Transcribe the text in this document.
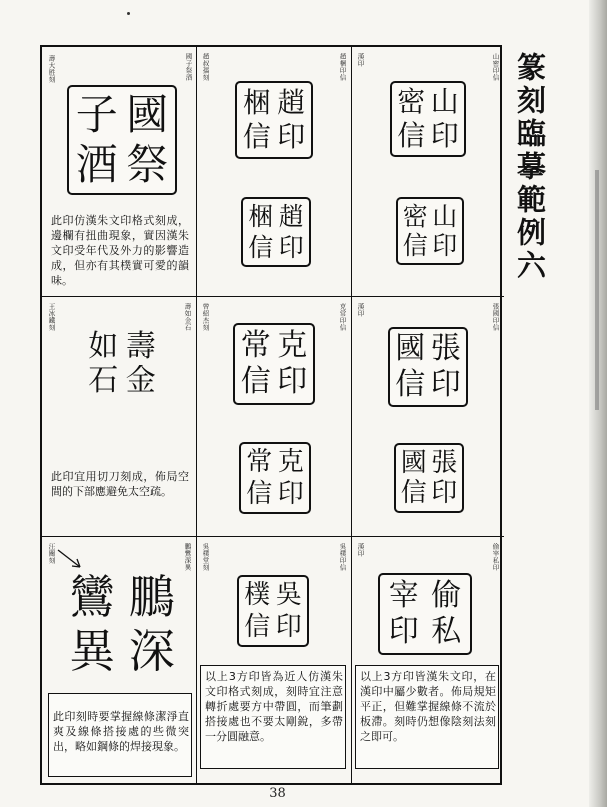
壽大胜刻	國子祭酒
國
子
祭
酒
此印仿漢朱文印格式刻成，邊欄有扭曲現象，實因漢朱文印受年代及外力的影響造成，但亦有其樸實可愛的韻味。
趙叔孺刻	趙梱印信
趙
梱
印
信
趙
梱
印
信
漢印	山密印信
山
密
印
信
山
密
印
信
王冰鐵刻	壽如金石
壽
如
金
石
此印宜用切刀刻成，佈局空間的下部應避免太空疏。
曾紹杰刻	克常印信
克
常
印
信
克
常
印
信
漢印	張國印信
張
國
印
信
張
國
印
信
汪關刻	鵬鸞深異
鵬
鸞
深
異
此印刻時要掌握線條潔淨直爽及線條搭接處的些微突出，略如鋼條的焊接現象。
吳樸堂刻	吳樸印信
吳
樸
印
信
以上3方印皆為近人仿漢朱文印格式刻成，刻時宜注意轉折處要方中帶圓，而筆劃搭接處也不要太剛銳，多帶一分圓融意。
漢印	偷宰私印
偷
宰
私
印
以上3方印皆漢朱文印，在漢印中屬少數者。佈局規矩平正，但難掌握線條不流於板滯。刻時仍想像陰刻法刻之即可。
篆刻臨摹範例六
38
